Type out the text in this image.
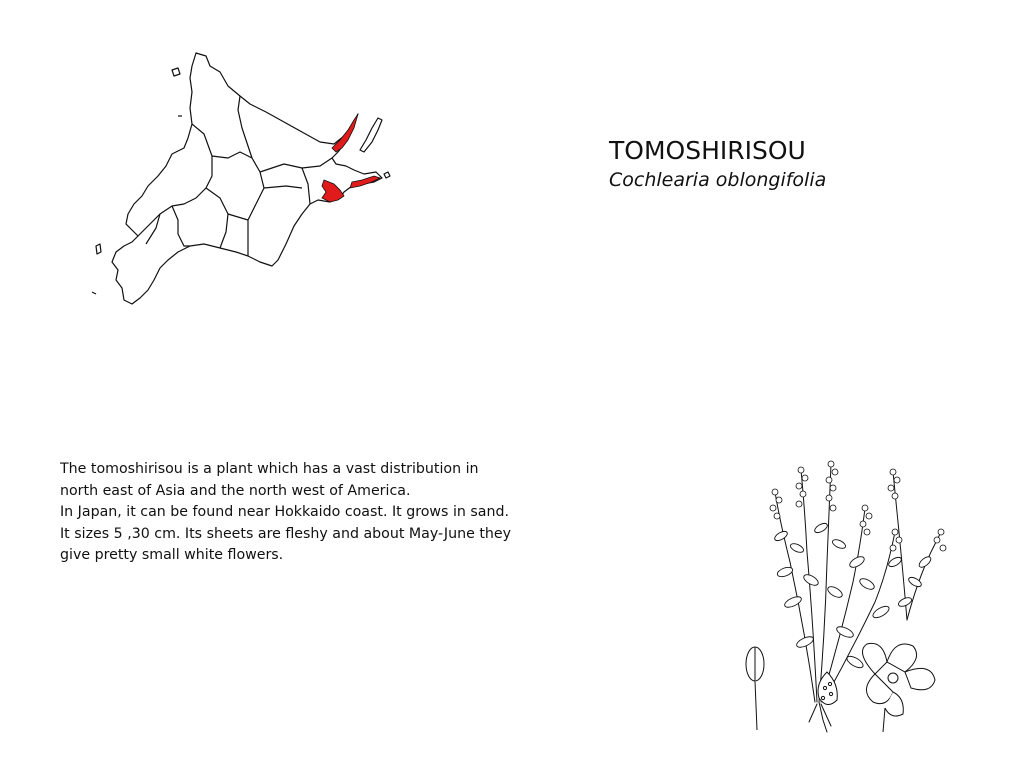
TOMOSHIRISOU

Cochlearia oblongifolia

The tomoshirisou is a plant which has a vast distribution in
north east of Asia and the north west of America.
In Japan, it can be found near Hokkaido coast. It grows in sand.
It sizes 5 ,30 cm. Its sheets are fleshy and about May-June they
give pretty small white flowers.
